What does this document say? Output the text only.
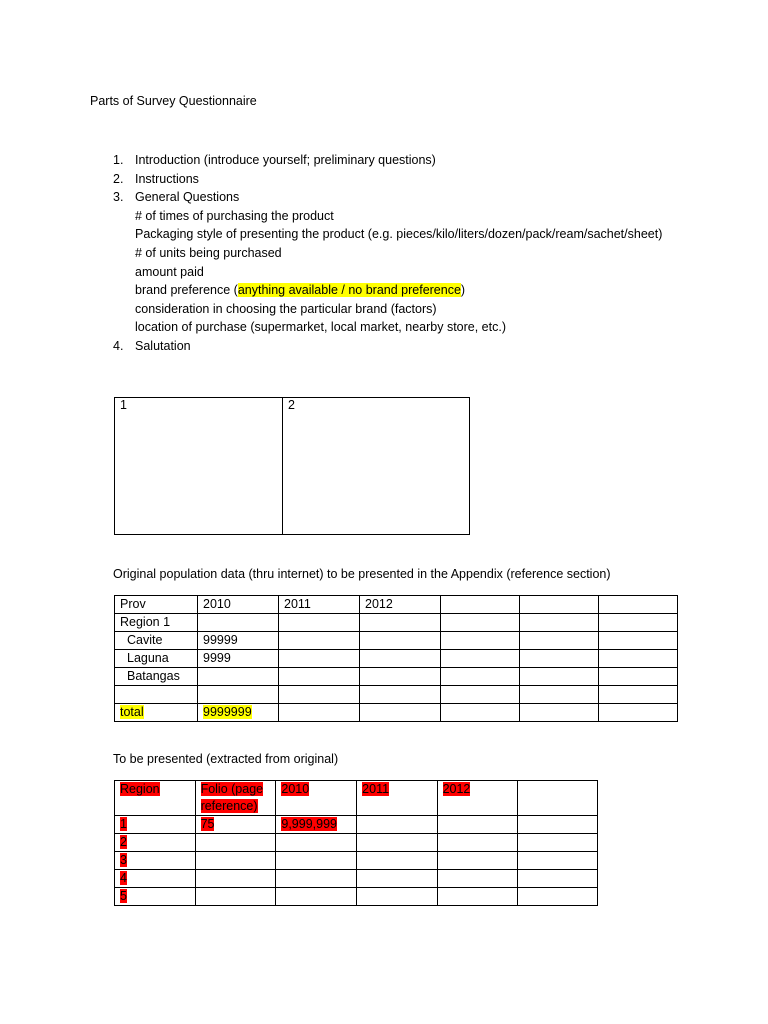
Parts of Survey Questionnaire
1. Introduction (introduce yourself; preliminary questions)
2. Instructions
3. General Questions
# of times of purchasing the product
Packaging style of presenting the product (e.g. pieces/kilo/liters/dozen/pack/ream/sachet/sheet)
# of units being purchased
amount paid
brand preference (anything available / no brand preference)
consideration in choosing the particular brand (factors)
location of purchase (supermarket, local market, nearby store, etc.)
4. Salutation
1	2
Original population data (thru internet) to be presented in the Appendix (reference section)
Prov	2010	2011	2012			
Region 1						
Cavite	99999					
Laguna	9999					
Batangas						

total	9999999					
To be presented (extracted from original)
Region	Folio (page reference)	2010	2011	2012	
1	75	9,999,999			
2					
3					
4					
5					
